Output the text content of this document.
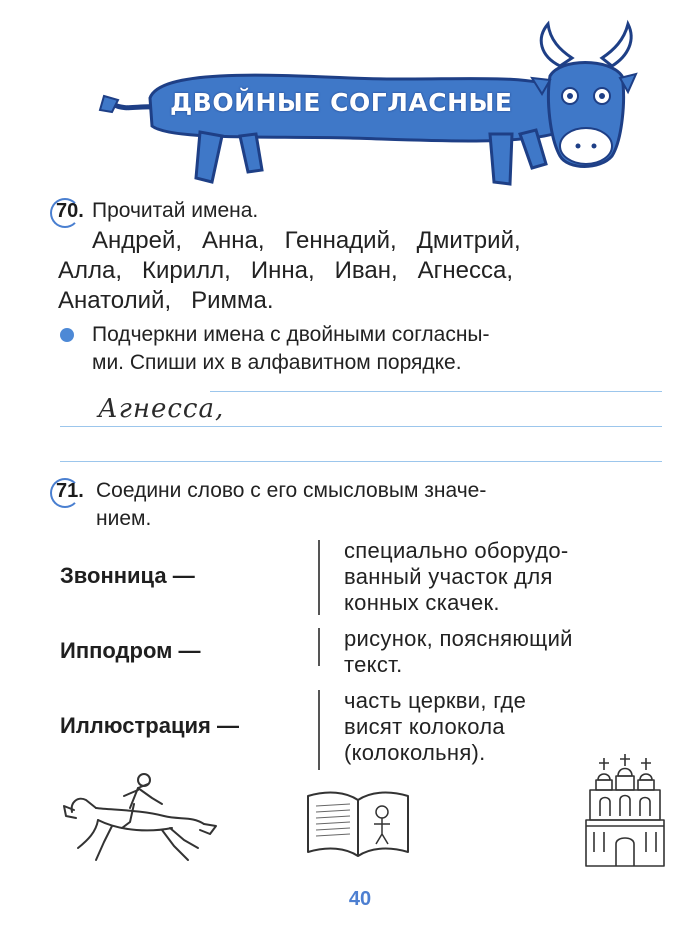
ДВОЙНЫЕ СОГЛАСНЫЕ
70. Прочитай имена.
Андрей,   Анна,   Геннадий,   Дмитрий,
Алла,   Кирилл,   Инна,   Иван,   Агнесса,
Анатолий,   Римма.
Подчеркни имена с двойными согласны-
ми. Спиши их в алфавитном порядке.
Агнесса,
71. Соедини слово с его смысловым значе-
нием.
Звонница —
Ипподром —
Иллюстрация —
специально оборудо-
ванный участок для
конных скачек.
рисунок, поясняющий
текст.
часть церкви, где
висят колокола
(колокольня).
40
